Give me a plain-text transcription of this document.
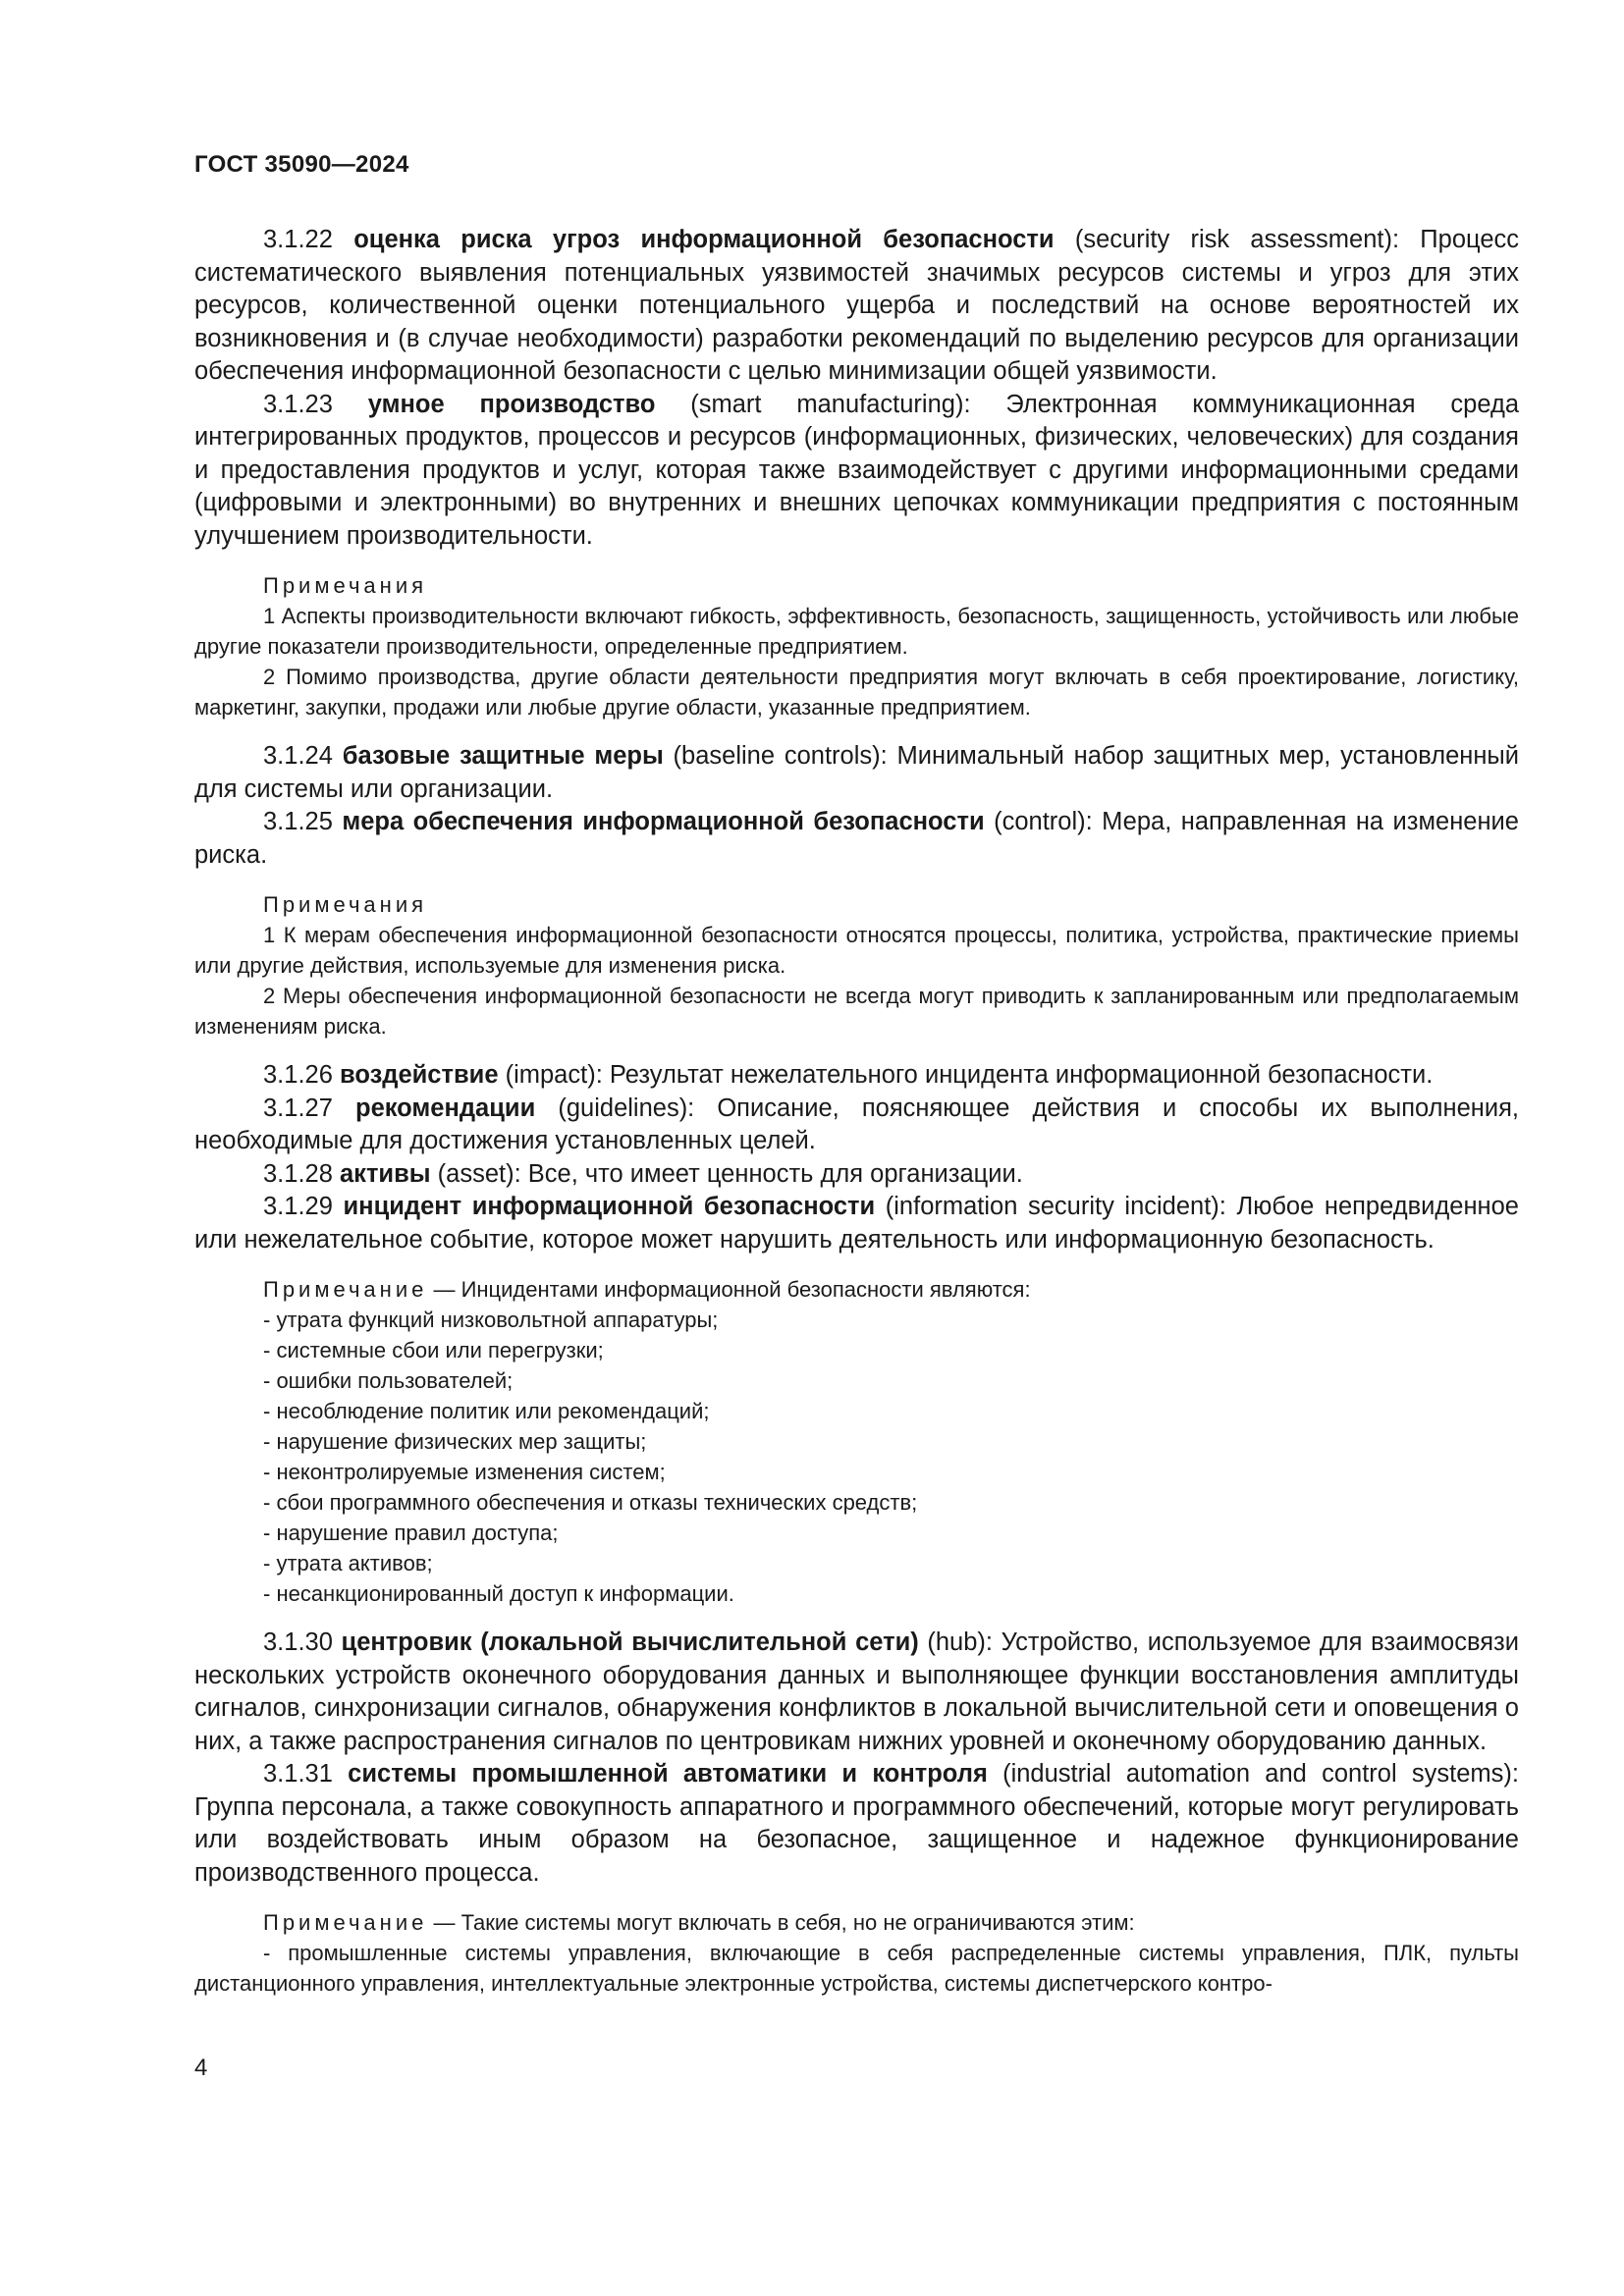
ГОСТ 35090—2024

3.1.22 оценка риска угроз информационной безопасности (security risk assessment): Процесс систематического выявления потенциальных уязвимостей значимых ресурсов системы и угроз для этих ресурсов, количественной оценки потенциального ущерба и последствий на основе вероятностей их возникновения и (в случае необходимости) разработки рекомендаций по выделению ресурсов для организации обеспечения информационной безопасности с целью минимизации общей уязвимости.

3.1.23 умное производство (smart manufacturing): Электронная коммуникационная среда интегрированных продуктов, процессов и ресурсов (информационных, физических, человеческих) для создания и предоставления продуктов и услуг, которая также взаимодействует с другими информационными средами (цифровыми и электронными) во внутренних и внешних цепочках коммуникации предприятия с постоянным улучшением производительности.

Примечания

1 Аспекты производительности включают гибкость, эффективность, безопасность, защищенность, устойчивость или любые другие показатели производительности, определенные предприятием.

2 Помимо производства, другие области деятельности предприятия могут включать в себя проектирование, логистику, маркетинг, закупки, продажи или любые другие области, указанные предприятием.

3.1.24 базовые защитные меры (baseline controls): Минимальный набор защитных мер, установленный для системы или организации.

3.1.25 мера обеспечения информационной безопасности (control): Мера, направленная на изменение риска.

Примечания

1 К мерам обеспечения информационной безопасности относятся процессы, политика, устройства, практические приемы или другие действия, используемые для изменения риска.

2 Меры обеспечения информационной безопасности не всегда могут приводить к запланированным или предполагаемым изменениям риска.

3.1.26 воздействие (impact): Результат нежелательного инцидента информационной безопасности.

3.1.27 рекомендации (guidelines): Описание, поясняющее действия и способы их выполнения, необходимые для достижения установленных целей.

3.1.28 активы (asset): Все, что имеет ценность для организации.

3.1.29 инцидент информационной безопасности (information security incident): Любое непредвиденное или нежелательное событие, которое может нарушить деятельность или информационную безопасность.

Примечание — Инцидентами информационной безопасности являются:
- утрата функций низковольтной аппаратуры;
- системные сбои или перегрузки;
- ошибки пользователей;
- несоблюдение политик или рекомендаций;
- нарушение физических мер защиты;
- неконтролируемые изменения систем;
- сбои программного обеспечения и отказы технических средств;
- нарушение правил доступа;
- утрата активов;
- несанкционированный доступ к информации.

3.1.30 центровик (локальной вычислительной сети) (hub): Устройство, используемое для взаимосвязи нескольких устройств оконечного оборудования данных и выполняющее функции восстановления амплитуды сигналов, синхронизации сигналов, обнаружения конфликтов в локальной вычислительной сети и оповещения о них, а также распространения сигналов по центровикам нижних уровней и оконечному оборудованию данных.

3.1.31 системы промышленной автоматики и контроля (industrial automation and control systems): Группа персонала, а также совокупность аппаратного и программного обеспечений, которые могут регулировать или воздействовать иным образом на безопасное, защищенное и надежное функционирование производственного процесса.

Примечание — Такие системы могут включать в себя, но не ограничиваются этим:

- промышленные системы управления, включающие в себя распределенные системы управления, ПЛК, пульты дистанционного управления, интеллектуальные электронные устройства, системы диспетчерского контро-

4
